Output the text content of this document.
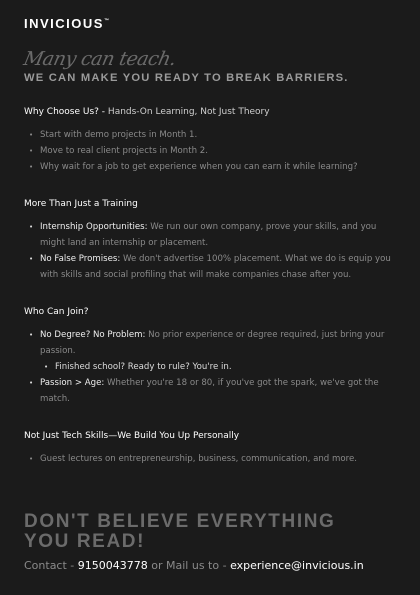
INVICIOUS™
Many can teach.
WE CAN MAKE YOU READY TO BREAK BARRIERS.
Why Choose Us? - Hands-On Learning, Not Just Theory
• Start with demo projects in Month 1.
• Move to real client projects in Month 2.
• Why wait for a job to get experience when you can earn it while learning?
More Than Just a Training
• Internship Opportunities: We run our own company, prove your skills, and you might land an internship or placement.
• No False Promises: We don't advertise 100% placement. What we do is equip you with skills and social profiling that will make companies chase after you.
Who Can Join?
• No Degree? No Problem: No prior experience or degree required, just bring your passion.
• Finished school? Ready to rule? You're in.
• Passion > Age: Whether you're 18 or 80, if you've got the spark, we've got the match.
Not Just Tech Skills—We Build You Up Personally
• Guest lectures on entrepreneurship, business, communication, and more.
DON'T BELIEVE EVERYTHING
YOU READ!
Contact - 9150043778 or Mail us to - experience@invicious.in
